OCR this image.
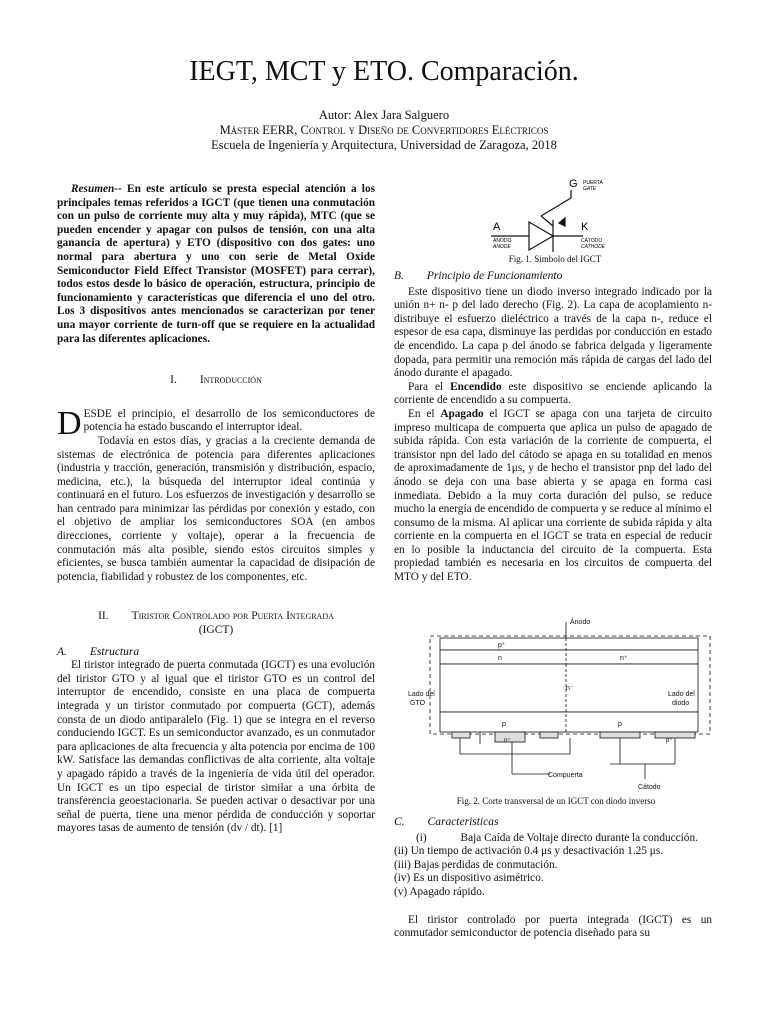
IEGT, MCT y ETO. Comparación.
Autor: Alex Jara Salguero
Máster EERR, Control y Diseño de Convertidores Eléctricos
Escuela de Ingeniería y Arquitectura, Universidad de Zaragoza, 2018

Resumen-- En este artículo se presta especial atención a los principales temas referidos a IGCT (que tienen una conmutación con un pulso de corriente muy alta y muy rápida), MTC (que se pueden encender y apagar con pulsos de tensión, con una alta ganancia de apertura) y ETO (dispositivo con dos gates: uno normal para abertura y uno con serie de Metal Oxide Semiconductor Field Effect Transistor (MOSFET) para cerrar), todos estos desde lo básico de operación, estructura, principio de funcionamiento y características que diferencia el uno del otro. Los 3 dispositivos antes mencionados se caracterizan por tener una mayor corriente de turn-off que se requiere en la actualidad para las diferentes aplicaciones.

I.  Introducción

DESDE el principio, el desarrollo de los semiconductores de potencia ha estado buscando el interruptor ideal.

Todavía en estos días, y gracias a la creciente demanda de sistemas de electrónica de potencia para diferentes aplicaciones (industria y tracción, generación, transmisión y distribución, espacio, medicina, etc.), la búsqueda del interruptor ideal continúa y continuará en el futuro. Los esfuerzos de investigación y desarrollo se han centrado para minimizar las pérdidas por conexión y estado, con el objetivo de ampliar los semiconductores SOA (en ambos direcciones, corriente y voltaje), operar a la frecuencia de conmutación más alta posible, siendo estos circuitos simples y eficientes, se busca también aumentar la capacidad de disipación de potencia, fiabilidad y robustez de los componentes, etc.

II.  Tiristor Controlado por Puerta Integrada

(IGCT)

A.  Estructura

El tiristor integrado de puerta conmutada (IGCT) es una evolución del tiristor GTO y al igual que el tiristor GTO es un control del interruptor de encendido, consiste en una placa de compuerta integrada y un tiristor conmutado por compuerta (GCT), además consta de un diodo antiparalelo (Fig. 1) que se integra en el reverso conduciendo IGCT. Es un semiconductor avanzado, es un conmutador para aplicaciones de alta frecuencia y alta potencia por encima de 100 kW. Satisface las demandas conflictivas de alta corriente, alta voltaje y apagado rápido a través de la ingeniería de vida útil del operador. Un IGCT es un tipo especial de tiristor similar a una órbita de transferencia geoestacionaria. Se pueden activar o desactivar por una señal de puerta, tiene una menor pérdida de conducción y soportar mayores tasas de aumento de tensión (dv / dt). [1]

G PUERTA
GATE
A
ÁNODO
ANODE
K
CÁTODO
CATHODE
Fig. 1. Símbolo del IGCT

B.  Principio de Funcionamiento

Este dispositivo tiene un diodo inverso integrado indicado por la unión n+ n- p del lado derecho (Fig. 2). La capa de acoplamiento n- distribuye el esfuerzo dieléctrico a través de la capa n-, reduce el espesor de esa capa, disminuye las perdidas por conducción en estado de encendido. La capa p del ánodo se fabrica delgada y ligeramente dopada, para permitir una remoción más rápida de cargas del lado del ánodo durante el apagado.

Para el Encendido este dispositivo se enciende aplicando la corriente de encendido a su compuerta.

En el Apagado el IGCT se apaga con una tarjeta de circuito impreso multicapa de compuerta que aplica un pulso de apagado de subida rápida. Con esta variación de la corriente de compuerta, el transistor npn del lado del cátodo se apaga en su totalidad en menos de aproximadamente de 1μs, y de hecho el transistor pnp del lado del ánodo se deja con una base abierta y se apaga en forma casi inmediata. Debido a la muy corta duración del pulso, se reduce mucho la energía de encendido de compuerta y se reduce al mínimo el consumo de la misma. Al aplicar una corriente de subida rápida y alta corriente en la compuerta en el IGCT se trata en especial de reducir en lo posible la inductancia del circuito de la compuerta. Esta propiedad también es necesaria en los circuitos de compuerta del MTO y del ETO.

Ánodo
p⁺
n⁺
n
n⁻
p	p
n⁺	p⁺
Lado del
GTO
Lado del
diodo
Compuerta
Cátodo
Fig. 2. Corte transversal de un IGCT con diodo inverso

C.  Caracteristicas

(i)   Baja Caída de Voltaje directo durante la conducción.

(ii) Un tiempo de activación 0.4 μs y desactivación 1.25 μs.

(iii) Bajas perdidas de conmutación.

(iv) Es un dispositivo asimétrico.

(v) Apagado rápido.

El tiristor controlado por puerta integrada (IGCT) es un conmutador semiconductor de potencia diseñado para su
